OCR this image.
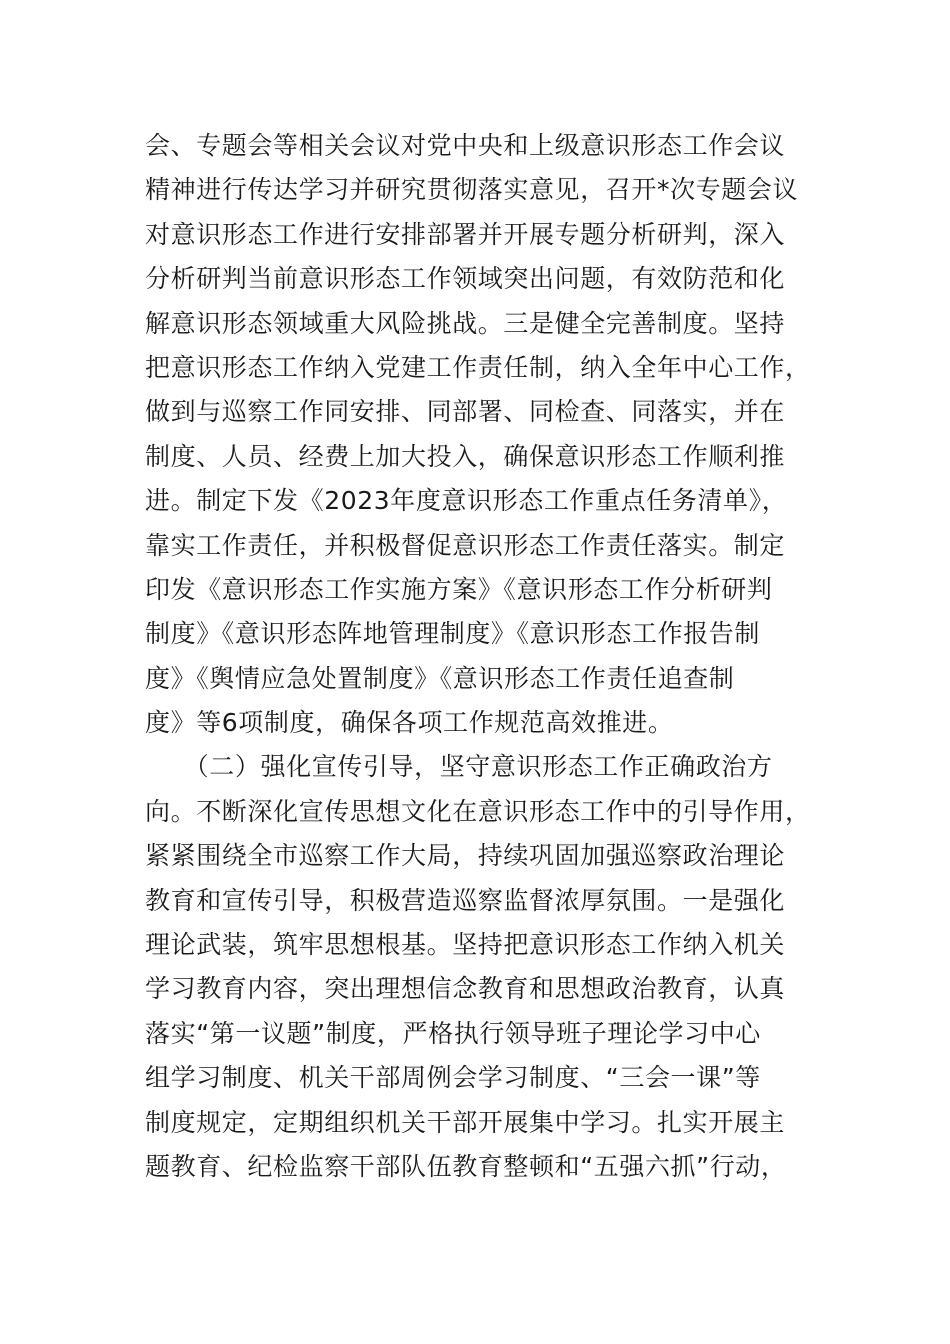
会、专题会等相关会议对党中央和上级意识形态工作会议
精神进行传达学习并研究贯彻落实意见，召开*次专题会议
对意识形态工作进行安排部署并开展专题分析研判，深入
分析研判当前意识形态工作领域突出问题，有效防范和化
解意识形态领域重大风险挑战。三是健全完善制度。坚持
把意识形态工作纳入党建工作责任制，纳入全年中心工作，
做到与巡察工作同安排、同部署、同检查、同落实，并在
制度、人员、经费上加大投入，确保意识形态工作顺利推
进。制定下发《2023年度意识形态工作重点任务清单》，
靠实工作责任，并积极督促意识形态工作责任落实。制定
印发《意识形态工作实施方案》《意识形态工作分析研判
制度》《意识形态阵地管理制度》《意识形态工作报告制
度》《舆情应急处置制度》《意识形态工作责任追查制
度》等6项制度，确保各项工作规范高效推进。
　　（二）强化宣传引导，坚守意识形态工作正确政治方
向。不断深化宣传思想文化在意识形态工作中的引导作用，
紧紧围绕全市巡察工作大局，持续巩固加强巡察政治理论
教育和宣传引导，积极营造巡察监督浓厚氛围。一是强化
理论武装，筑牢思想根基。坚持把意识形态工作纳入机关
学习教育内容，突出理想信念教育和思想政治教育，认真
落实“第一议题”制度，严格执行领导班子理论学习中心
组学习制度、机关干部周例会学习制度、“三会一课”等
制度规定，定期组织机关干部开展集中学习。扎实开展主
题教育、纪检监察干部队伍教育整顿和“五强六抓”行动，
